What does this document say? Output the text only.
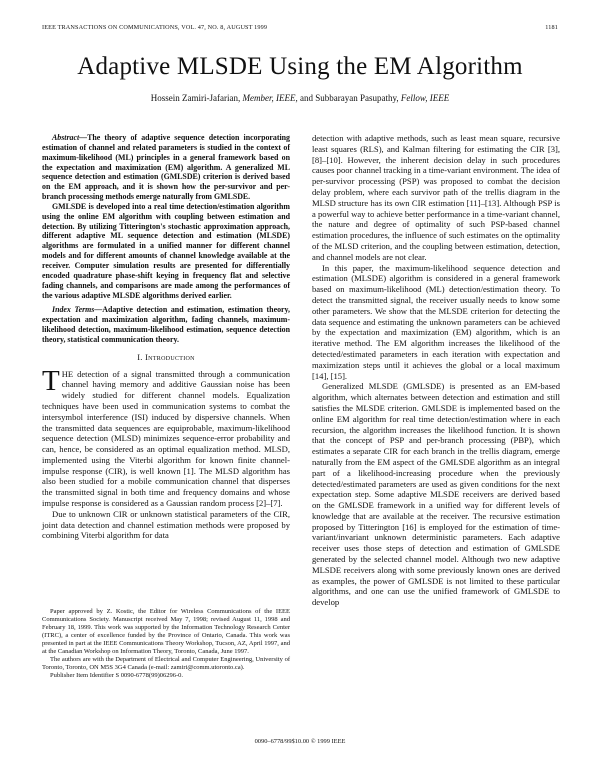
IEEE TRANSACTIONS ON COMMUNICATIONS, VOL. 47, NO. 8, AUGUST 1999	1181
Adaptive MLSDE Using the EM Algorithm
Hossein Zamiri-Jafarian, Member, IEEE, and Subbarayan Pasupathy, Fellow, IEEE

Abstract—The theory of adaptive sequence detection incorporating estimation of channel and related parameters is studied in the context of maximum-likelihood (ML) principles in a general framework based on the expectation and maximization (EM) algorithm. A generalized ML sequence detection and estimation (GMLSDE) criterion is derived based on the EM approach, and it is shown how the per-survivor and per-branch processing methods emerge naturally from GMLSDE.

GMLSDE is developed into a real time detection/estimation algorithm using the online EM algorithm with coupling between estimation and detection. By utilizing Titterington's stochastic approximation approach, different adaptive ML sequence detection and estimation (MLSDE) algorithms are formulated in a unified manner for different channel models and for different amounts of channel knowledge available at the receiver. Computer simulation results are presented for differentially encoded quadrature phase-shift keying in frequency flat and selective fading channels, and comparisons are made among the performances of the various adaptive MLSDE algorithms derived earlier.

Index Terms—Adaptive detection and estimation, estimation theory, expectation and maximization algorithm, fading channels, maximum-likelihood detection, maximum-likelihood estimation, sequence detection theory, statistical communication theory.
I. Introduction

THE detection of a signal transmitted through a communication channel having memory and additive Gaussian noise has been widely studied for different channel models. Equalization techniques have been used in communication systems to combat the intersymbol interference (ISI) induced by dispersive channels. When the transmitted data sequences are equiprobable, maximum-likelihood sequence detection (MLSD) minimizes sequence-error probability and can, hence, be considered as an optimal equalization method. MLSD, implemented using the Viterbi algorithm for known finite channel-impulse response (CIR), is well known [1]. The MLSD algorithm has also been studied for a mobile communication channel that disperses the transmitted signal in both time and frequency domains and whose impulse response is considered as a Gaussian random process [2]–[7].

Due to unknown CIR or unknown statistical parameters of the CIR, joint data detection and channel estimation methods were proposed by combining Viterbi algorithm for data

Paper approved by Z. Kostic, the Editor for Wireless Communications of the IEEE Communications Society. Manuscript received May 7, 1998; revised August 11, 1998 and February 18, 1999. This work was supported by the Information Technology Research Center (ITRC), a center of excellence funded by the Province of Ontario, Canada. This work was presented in part at the IEEE Communications Theory Workshop, Tucson, AZ, April 1997, and at the Canadian Workshop on Information Theory, Toronto, Canada, June 1997.

The authors are with the Department of Electrical and Computer Engineering, University of Toronto, Toronto, ON M5S 3G4 Canada (e-mail: zamiri@comm.utoronto.ca).

Publisher Item Identifier S 0090-6778(99)06296-0.

detection with adaptive methods, such as least mean square, recursive least squares (RLS), and Kalman filtering for estimating the CIR [3], [8]–[10]. However, the inherent decision delay in such procedures causes poor channel tracking in a time-variant environment. The idea of per-survivor processing (PSP) was proposed to combat the decision delay problem, where each survivor path of the trellis diagram in the MLSD structure has its own CIR estimation [11]–[13]. Although PSP is a powerful way to achieve better performance in a time-variant channel, the nature and degree of optimality of such PSP-based channel estimation procedures, the influence of such estimates on the optimality of the MLSD criterion, and the coupling between estimation, detection, and channel models are not clear.

In this paper, the maximum-likelihood sequence detection and estimation (MLSDE) algorithm is considered in a general framework based on maximum-likelihood (ML) detection/estimation theory. To detect the transmitted signal, the receiver usually needs to know some other parameters. We show that the MLSDE criterion for detecting the data sequence and estimating the unknown parameters can be achieved by the expectation and maximization (EM) algorithm, which is an iterative method. The EM algorithm increases the likelihood of the detected/estimated parameters in each iteration with expectation and maximization steps until it achieves the global or a local maximum [14], [15].

Generalized MLSDE (GMLSDE) is presented as an EM-based algorithm, which alternates between detection and estimation and still satisfies the MLSDE criterion. GMLSDE is implemented based on the online EM algorithm for real time detection/estimation where in each recursion, the algorithm increases the likelihood function. It is shown that the concept of PSP and per-branch processing (PBP), which estimates a separate CIR for each branch in the trellis diagram, emerge naturally from the EM aspect of the GMLSDE algorithm as an integral part of a likelihood-increasing procedure when the previously detected/estimated parameters are used as given conditions for the next expectation step. Some adaptive MLSDE receivers are derived based on the GMLSDE framework in a unified way for different levels of knowledge that are available at the receiver. The recursive estimation proposed by Titterington [16] is employed for the estimation of time-variant/invariant unknown deterministic parameters. Each adaptive receiver uses those steps of detection and estimation of GMLSDE generated by the selected channel model. Although two new adaptive MLSDE receivers along with some previously known ones are derived as examples, the power of GMLSDE is not limited to these particular algorithms, and one can use the unified framework of GMLSDE to develop

0090–6778/99$10.00 © 1999 IEEE
